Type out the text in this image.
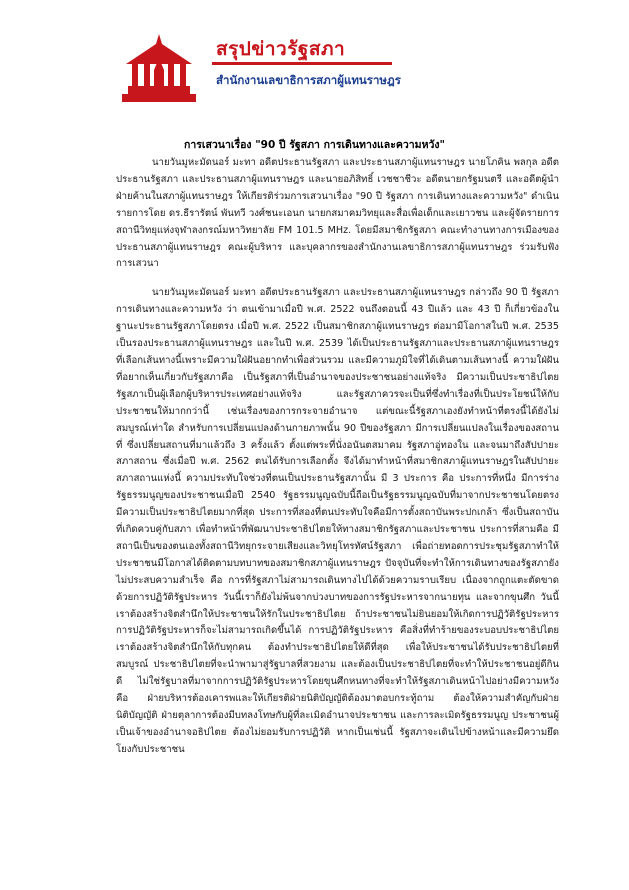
สรุปข่าวรัฐสภา
สำนักงานเลขาธิการสภาผู้แทนราษฎร
การเสวนาเรื่อง "90 ปี รัฐสภา การเดินทางและความหวัง"

นายวันมูหะมัดนอร์ มะทา อดีตประธานรัฐสภา และประธานสภาผู้แทนราษฎร นายโภคิน พลกุล อดีตประธานรัฐสภา และประธานสภาผู้แทนราษฎร และนายอภิสิทธิ์ เวชชาชีวะ อดีตนายกรัฐมนตรี และอดีตผู้นำฝ่ายค้านในสภาผู้แทนราษฎร ให้เกียรติร่วมการเสวนาเรื่อง "90 ปี รัฐสภา การเดินทางและความหวัง" ดำเนินรายการโดย ดร.ธีรารัตน์ พันทวี วงศ์ชนะเอนก นายกสมาคมวิทยุและสื่อเพื่อเด็กและเยาวชน และผู้จัดรายการสถานีวิทยุแห่งจุฬาลงกรณ์มหาวิทยาลัย FM 101.5 MHz. โดยมีสมาชิกรัฐสภา คณะทำงานทางการเมืองของประธานสภาผู้แทนราษฎร คณะผู้บริหาร และบุคลากรของสำนักงานเลขาธิการสภาผู้แทนราษฎร ร่วมรับฟังการเสวนา

นายวันมูหะมัดนอร์ มะทา อดีตประธานรัฐสภา และประธานสภาผู้แทนราษฎร กล่าวถึง 90 ปี รัฐสภา การเดินทางและความหวัง ว่า ตนเข้ามาเมื่อปี พ.ศ. 2522 จนถึงตอนนี้ 43 ปีแล้ว และ 43 ปี ก็เกี่ยวข้องในฐานะประธานรัฐสภาโดยตรง เมื่อปี พ.ศ. 2522 เป็นสมาชิกสภาผู้แทนราษฎร ต่อมามีโอกาสในปี พ.ศ. 2535 เป็นรองประธานสภาผู้แทนราษฎร และในปี พ.ศ. 2539 ได้เป็นประธานรัฐสภาและประธานสภาผู้แทนราษฎร ที่เลือกเส้นทางนี้เพราะมีความใฝ่ฝันอยากทำเพื่อส่วนรวม และมีความภูมิใจที่ได้เดินตามเส้นทางนี้ ความใฝ่ฝันที่อยากเห็นเกี่ยวกับรัฐสภาคือ เป็นรัฐสภาที่เป็นอำนาจของประชาชนอย่างแท้จริง มีความเป็นประชาธิปไตย รัฐสภาเป็นผู้เลือกผู้บริหารประเทศอย่างแท้จริง และรัฐสภาควรจะเป็นที่ซึ่งทำเรื่องที่เป็นประโยชน์ให้กับประชาชนให้มากกว่านี้ เช่นเรื่องของการกระจายอำนาจ แต่ขณะนี้รัฐสภาเองยังทำหน้าที่ตรงนี้ได้ยังไม่สมบูรณ์เท่าใด สำหรับการเปลี่ยนแปลงด้านกายภาพนั้น 90 ปีของรัฐสภา มีการเปลี่ยนแปลงในเรื่องของสถานที่ ซึ่งเปลี่ยนสถานที่มาแล้วถึง 3 ครั้งแล้ว ตั้งแต่พระที่นั่งอนันตสมาคม รัฐสภาอู่ทองใน และจนมาถึงสัปปายะสภาสถาน ซึ่งเมื่อปี พ.ศ. 2562 ตนได้รับการเลือกตั้ง จึงได้มาทำหน้าที่สมาชิกสภาผู้แทนราษฎรในสัปปายะสภาสถานแห่งนี้ ความประทับใจช่วงที่ตนเป็นประธานรัฐสภานั้น มี 3 ประการ คือ ประการที่หนึ่ง มีการร่างรัฐธรรมนูญของประชาชนเมื่อปี 2540 รัฐธรรมนูญฉบับนี้ถือเป็นรัฐธรรมนูญฉบับที่มาจากประชาชนโดยตรง มีความเป็นประชาธิปไตยมากที่สุด ประการที่สองที่ตนประทับใจคือมีการตั้งสถาบันพระปกเกล้า ซึ่งเป็นสถาบันที่เกิดควบคู่กับสภา เพื่อทำหน้าที่พัฒนาประชาธิปไตยให้ทางสมาชิกรัฐสภาและประชาชน ประการที่สามคือ มีสถานีเป็นของตนเองทั้งสถานีวิทยุกระจายเสียงและวิทยุโทรทัศน์รัฐสภา เพื่อถ่ายทอดการประชุมรัฐสภาทำให้ประชาชนมีโอกาสได้ติดตามบทบาทของสมาชิกสภาผู้แทนราษฎร ปัจจุบันที่จะทำให้การเดินทางของรัฐสภายังไม่ประสบความสำเร็จ คือ การที่รัฐสภาไม่สามารถเดินทางไปได้ด้วยความราบเรียบ เนื่องจากถูกแตะตัดขาดด้วยการปฏิวัติรัฐประหาร วันนี้เราก็ยังไม่พ้นจากบ่วงบาทของการรัฐประหารจากนายทุน และจากขุนศึก วันนี้เราต้องสร้างจิตสำนึกให้ประชาชนให้รักในประชาธิปไตย ถ้าประชาชนไม่ยินยอมให้เกิดการปฏิวัติรัฐประหาร การปฏิวัติรัฐประหารก็จะไม่สามารถเกิดขึ้นได้ การปฏิวัติรัฐประหาร คือสิ่งที่ทำร้ายของระบอบประชาธิปไตย เราต้องสร้างจิตสำนึกให้กับทุกคน ต้องทำประชาธิปไตยให้ดีที่สุด เพื่อให้ประชาชนได้รับประชาธิปไตยที่สมบูรณ์ ประชาธิปไตยที่จะนำพามาสู่รัฐบาลที่สวยงาม และต้องเป็นประชาธิปไตยที่จะทำให้ประชาชนอยู่ดีกินดี ไม่ใช่รัฐบาลที่มาจากการปฏิวัติรัฐประหารโดยขุนศึกหนทางที่จะทำให้รัฐสภาเดินหน้าไปอย่างมีความหวัง คือ ฝ่ายบริหารต้องเคารพและให้เกียรติฝ่ายนิติบัญญัติต้องมาตอบกระทู้ถาม ต้องให้ความสำคัญกับฝ่ายนิติบัญญัติ ฝ่ายตุลาการต้องมีบทลงโทษกับผู้ที่ละเมิดอำนาจประชาชน และการละเมิดรัฐธรรมนูญ ประชาชนผู้เป็นเจ้าของอำนาจอธิปไตย ต้องไม่ยอมรับการปฏิวัติ หากเป็นเช่นนี้ รัฐสภาจะเดินไปข้างหน้าและมีความยึดโยงกับประชาชน
